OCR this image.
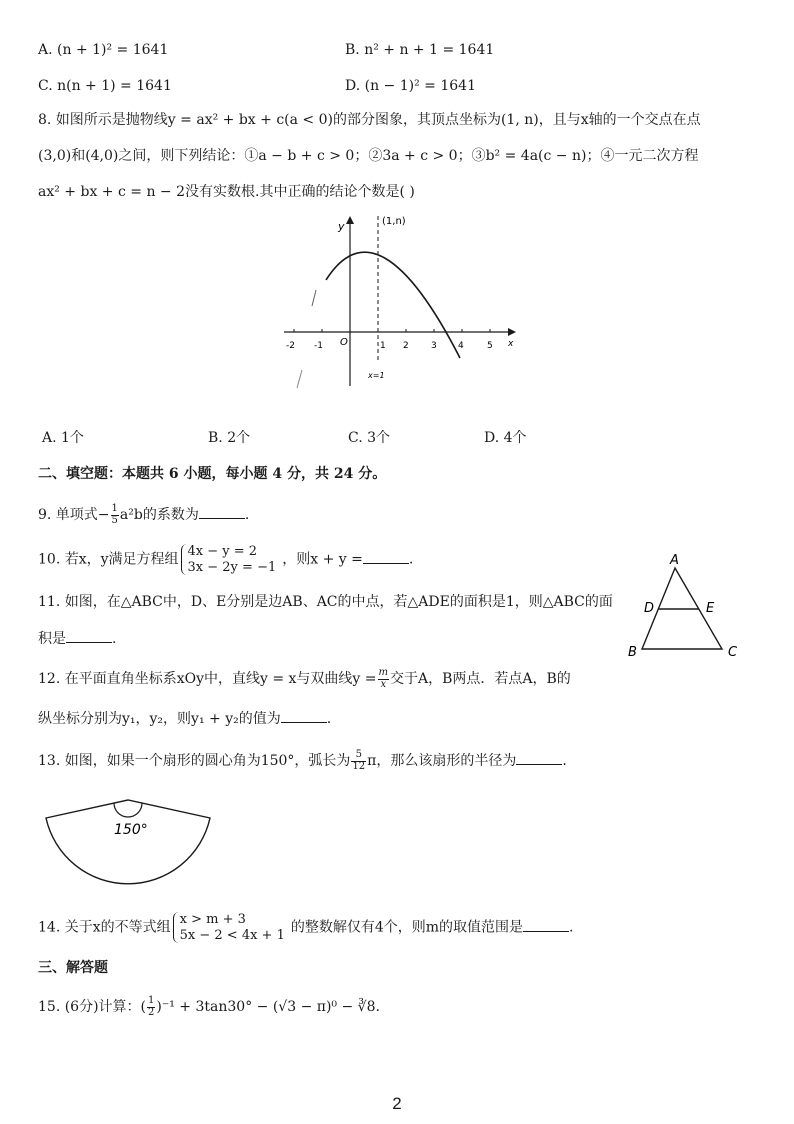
A. (n + 1)² = 1641	B. n² + n + 1 = 1641
C. n(n + 1) = 1641	D. (n − 1)² = 1641
8. 如图所示是抛物线y = ax² + bx + c(a < 0)的部分图象，其顶点坐标为(1, n)，且与x轴的一个交点在点
(3,0)和(4,0)之间，则下列结论：①a − b + c > 0；②3a + c > 0；③b² = 4a(c − n)；④一元二次方程
ax² + bx + c = n − 2没有实数根.其中正确的结论个数是( )
y
x
O
(1,n)
x=1
-2 -1	1 2 3 4	5
A. 1个	B. 2个	C. 3个	D. 4个
二、填空题：本题共 6 小题，每小题 4 分，共 24 分。
9. 单项式− $\frac{1}{5} a^2b$的系数为	.
10. 若x，y满足方程组
4x − y = 2
3x − 2y = −1 ，则x + y =	.	A
D	E
B	C
11. 如图，在△ABC中，D、E分别是边AB、AC的中点，若△ADE的面积是1，则△ABC的面
积是	.
12. 在平面直角坐标系xOy中，直线y = x与双曲线$y = \frac{m}{x}$ 交于A，B两点．若点A，B的
纵坐标分别为y₁，y₂，则y₁ + y₂的值为	.
13. 如图，如果一个扇形的圆心角为150°，弧长为 $\frac{5}{12}$ π，那么该扇形的半径为	.
150°
14. 关于x的不等式组
x > m + 3
5x − 2 < 4x + 1 的整数解仅有4个，则m的取值范围是	.
三、解答题
15. (6分)计算：( $\frac{1}{2} )^{-1} + 3\tan 30^\circ - (√3 - \pi)^0$ − ∛8.
2
